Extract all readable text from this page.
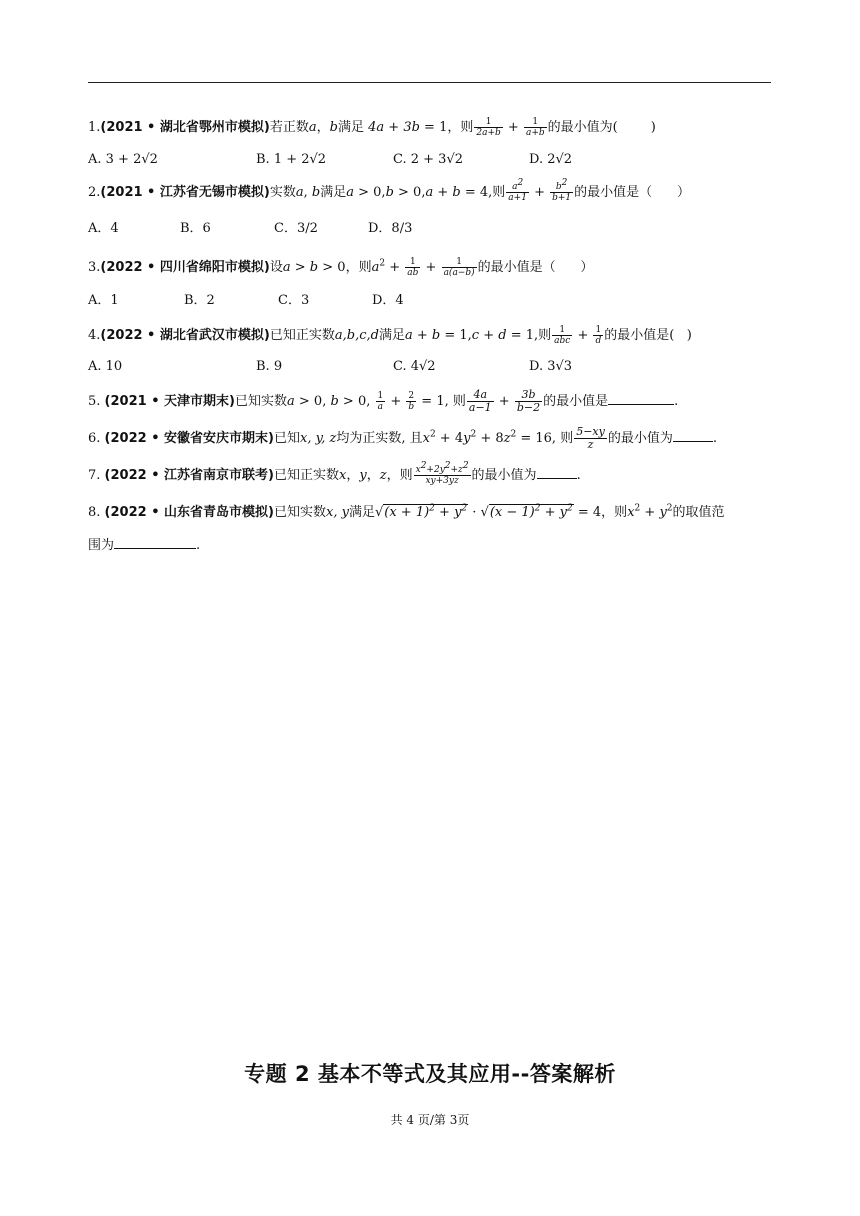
1.(2021 • 湖北省鄂州市模拟)若正数a，b满足 4a + 3b = 1，则 $\frac{1}{2a+b} + \frac{1}{a+b}$ 的最小值为(        )
A. 3 + 2√2	B. 1 + 2√2	C. 2 + 3√2	D. 2√2
2.(2021 • 江苏省无锡市模拟)实数a, b满足a > 0,b > 0,a + b = 4,则 $\frac{a^2}{a+1} + \frac{b^2}{b+1}$ 的最小值是（      ）
A．4	B．6	C．3/2	D．8/3
3.(2022 • 四川省绵阳市模拟)设a > b > 0，则$a^2 + \frac{1}{ab} + \frac{1}{a(a-b)}$ 的最小值是（      ）
A．1	B．2	C．3	D．4
4.(2022 • 湖北省武汉市模拟)已知正实数a,b,c,d满足a + b = 1,c + d = 1,则 $\frac{1}{\text{abc}} + \frac{1}{d}$ 的最小值是(   )
A. 10	B. 9	C. 4√2	D. 3√3
5. (2021 • 天津市期末)已知实数a > 0, b > 0, $\frac{1}{a} + \frac{2}{b} = 1$, 则 $\frac{4a}{a-1} + \frac{3b}{b-2}$ 的最小值是	.
6. (2022 • 安徽省安庆市期末)已知x, y, z均为正实数, 且$x^2 + 4y^2 + 8z^2 = 16$, 则 $\frac{5-xy}{z}$ 的最小值为	.
7. (2022 • 江苏省南京市联考)已知正实数x，y，z，则 $\frac{x^2+2y^2+z^2}{xy+3yz}$ 的最小值为	.
8. (2022 • 山东省青岛市模拟)已知实数x, y满足$√(x + 1)^2 + y^2 \cdot √(x - 1)^2 + y^2 = 4$，则$x^2 + y^2$的取值范
围为	.
专题 2 基本不等式及其应用--答案解析
共 4 页/第 3页
